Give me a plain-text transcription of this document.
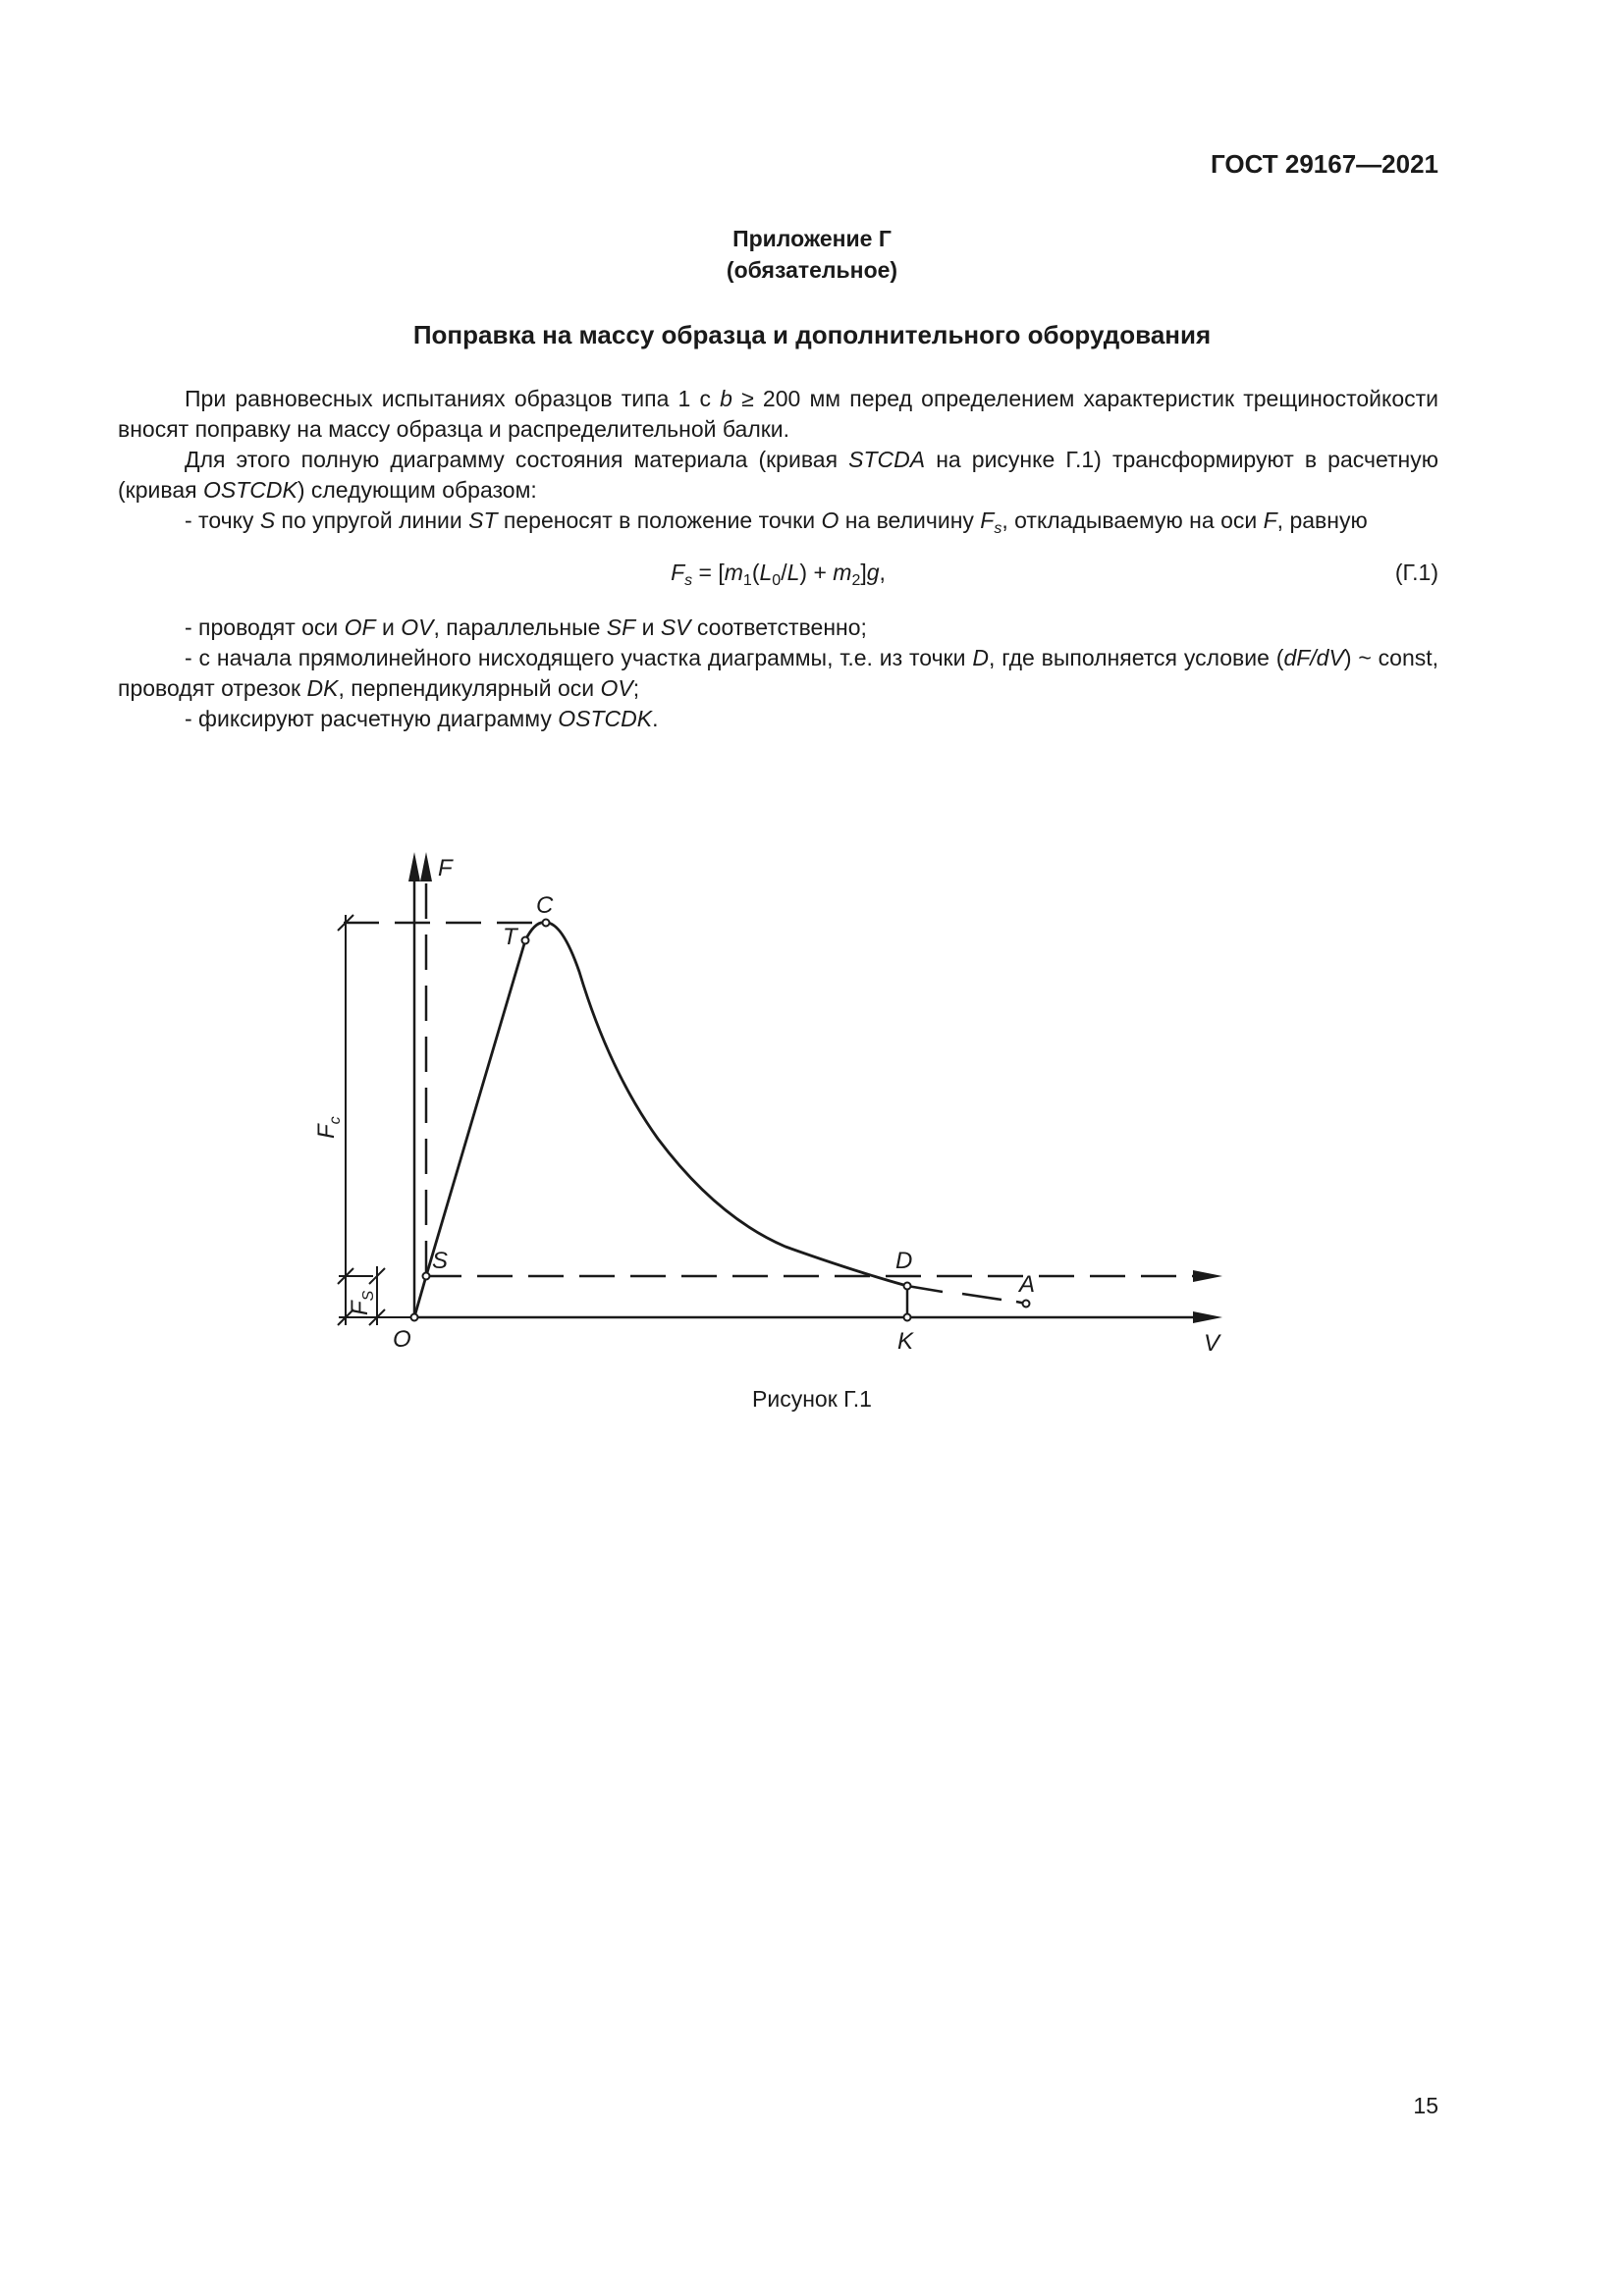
ГОСТ 29167—2021
Приложение Г
(обязательное)
Поправка на массу образца и дополнительного оборудования

При равновесных испытаниях образцов типа 1 с b ≥ 200 мм перед определением характеристик трещиностойкости вносят поправку на массу образца и распределительной балки.

Для этого полную диаграмму состояния материала (кривая STCDA на рисунке Г.1) трансформируют в расчетную (кривая OSTCDK) следующим образом:

- точку S по упругой линии ST переносят в положение точки O на величину $F_s$, откладываемую на оси F, равную

$F_s = [m_1(L_0/L) + m_2]g$,	(Г.1)

- проводят оси OF и OV, параллельные SF и SV соответственно;

- с начала прямолинейного нисходящего участка диаграммы, т.е. из точки D, где выполняется условие (dF/dV) ~ const, проводят отрезок DK, перпендикулярный оси OV;

- фиксируют расчетную диаграмму OSTCDK.

F
C
T
S	D
A
O	K	V
$F_c$
$F_S$
Рисунок Г.1
15
